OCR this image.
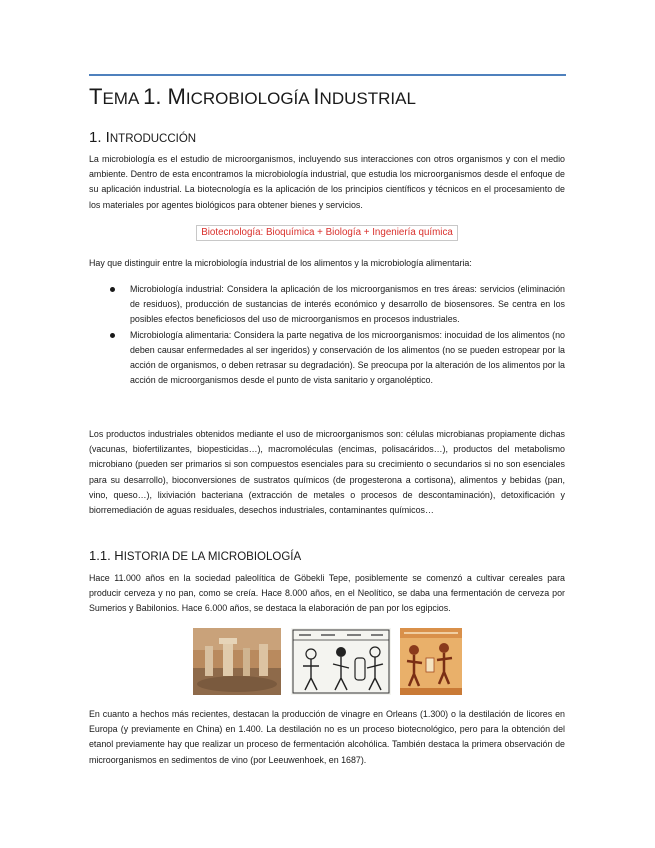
TEMA 1. MICROBIOLOGÍA INDUSTRIAL
1. INTRODUCCIÓN

La microbiología es el estudio de microorganismos, incluyendo sus interacciones con otros organismos y con el medio ambiente. Dentro de esta encontramos la microbiología industrial, que estudia los microorganismos desde el enfoque de su aplicación industrial. La biotecnología es la aplicación de los principios científicos y técnicos en el procesamiento de los materiales por agentes biológicos para obtener bienes y servicios.

Biotecnología: Bioquímica + Biología + Ingeniería química

Hay que distinguir entre la microbiología industrial de los alimentos y la microbiología alimentaria:

Microbiología industrial: Considera la aplicación de los microorganismos en tres áreas: servicios (eliminación de residuos), producción de sustancias de interés económico y desarrollo de biosensores. Se centra en los posibles efectos beneficiosos del uso de microorganismos en procesos industriales.
Microbiología alimentaria: Considera la parte negativa de los microorganismos: inocuidad de los alimentos (no deben causar enfermedades al ser ingeridos) y conservación de los alimentos (no se pueden estropear por la acción de organismos, o deben retrasar su degradación). Se preocupa por la alteración de los alimentos por la acción de microorganismos desde el punto de vista sanitario y organoléptico.

Los productos industriales obtenidos mediante el uso de microorganismos son: células microbianas propiamente dichas (vacunas, biofertilizantes, biopesticidas…), macromoléculas (encimas, polisacáridos…), productos del metabolismo microbiano (pueden ser primarios si son compuestos esenciales para su crecimiento o secundarios si no son esenciales para su desarrollo), bioconversiones de sustratos químicos (de progesterona a cortisona), alimentos y bebidas (pan, vino, queso…), lixiviación bacteriana (extracción de metales o procesos de descontaminación), detoxificación y biorremediación de aguas residuales, desechos industriales, contaminantes químicos…

1.1. HISTORIA DE LA MICROBIOLOGÍA

Hace 11.000 años en la sociedad paleolítica de Göbekli Tepe, posiblemente se comenzó a cultivar cereales para producir cerveza y no pan, como se creía. Hace 8.000 años, en el Neolítico, se daba una fermentación de cerveza por Sumerios y Babilonios. Hace 6.000 años, se destaca la elaboración de pan por los egipcios.

En cuanto a hechos más recientes, destacan la producción de vinagre en Orleans (1.300) o la destilación de licores en Europa (y previamente en China) en 1.400. La destilación no es un proceso biotecnológico, pero para la obtención del etanol previamente hay que realizar un proceso de fermentación alcohólica. También destaca la primera observación de microorganismos en sedimentos de vino (por Leeuwenhoek, en 1687).
